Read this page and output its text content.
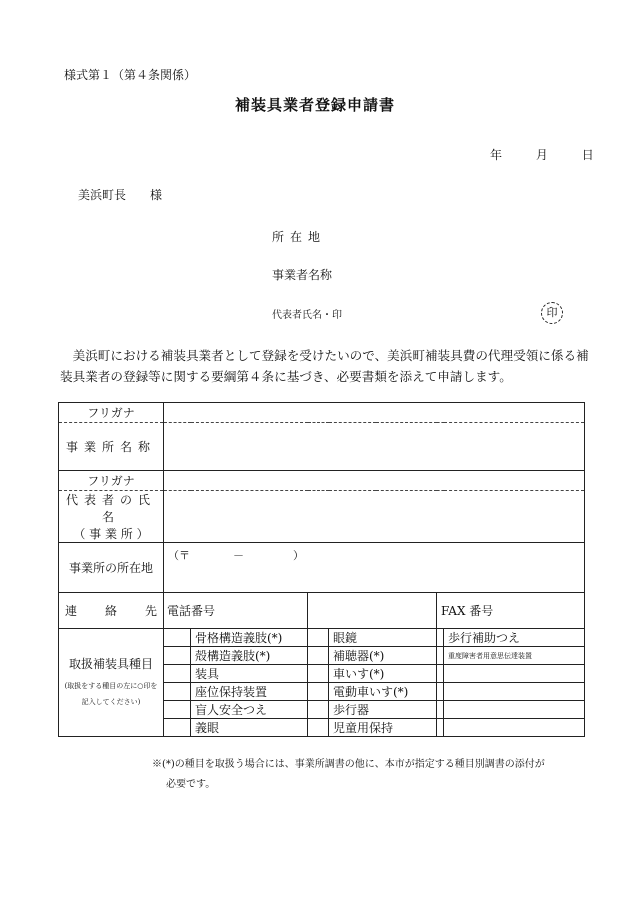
様式第１（第４条関係）
補装具業者登録申請書
年	月	日
美浜町長　　様
所在地
事業者名称
代表者氏名・印	印
美浜町における補装具業者として登録を受けたいので、美浜町補装具費の代理受領に係る補装具業者の登録等に関する要綱第４条に基づき、必要書類を添えて申請します。
フリガナ						
事業所名称						
フリガナ						

代表者の氏名
（ 事 業 所 ）						

事業所の所在地	（〒 － ）					

連 絡 先	電話番号				FAX 番号	

取扱補装具種目
(取扱をする種目の左に○印を記入してください)		骨格構造義肢(*)		眼鏡		歩行補助つえ
		殻構造義肢(*)		補聴器(*)		重度障害者用意思伝達装置
		装具		車いす(*)		
		座位保持装置		電動車いす(*)		
		盲人安全つえ		歩行器		
		義眼		児童用保持		
※(*)の種目を取扱う場合には、事業所調書の他に、本市が指定する種目別調書の添付が
必要です。
